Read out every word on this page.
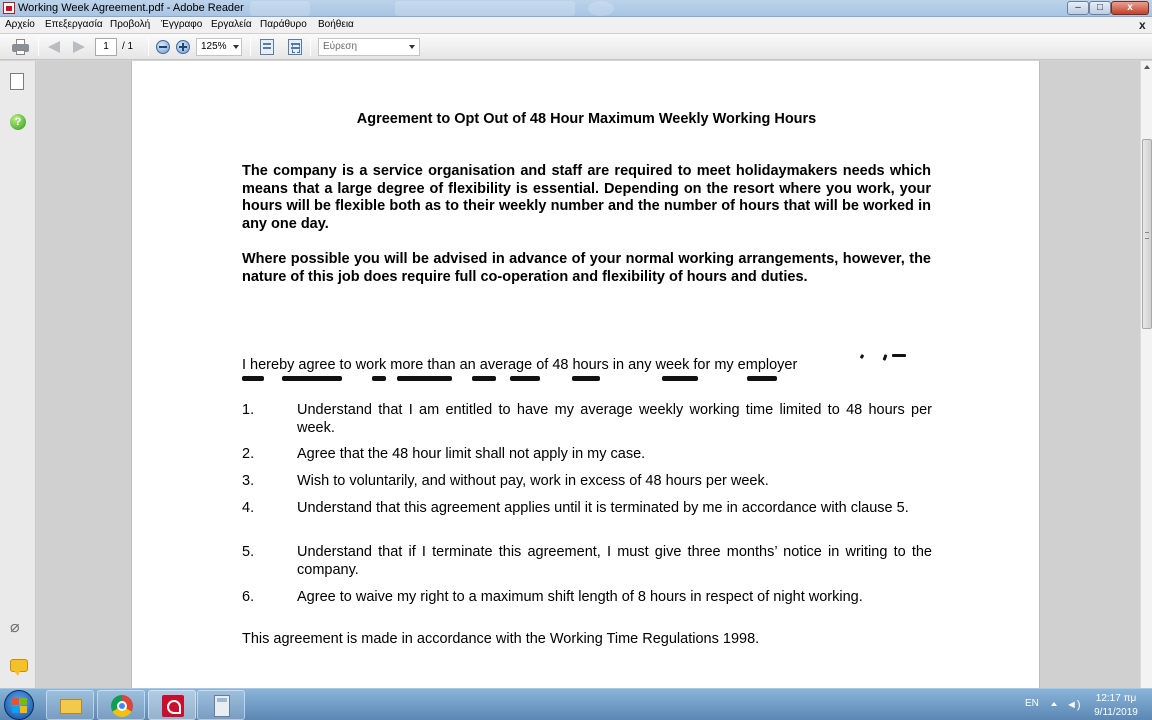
Working Week Agreement.pdf - Adobe Reader	–	□	x
Αρχείο Επεξεργασία Προβολή Έγγραφο Εργαλεία Παράθυρο Βοήθεια	x
1	/ 1	125%	Εύρεση
?
⌀
Agreement to Opt Out of 48 Hour Maximum Weekly Working Hours
The company is a service organisation and staff are required to meet holidaymakers needs which means that a large degree of flexibility is essential. Depending on the resort where you work, your hours will be flexible both as to their weekly number and the number of hours that will be worked in any one day.
Where possible you will be advised in advance of your normal working arrangements, however, the nature of this job does require full co-operation and flexibility of hours and duties.
I hereby agree to work more than an average of 48 hours in any week for my employer
1.	Understand that I am entitled to have my average weekly working time limited to 48 hours per week.
2.	Agree that the 48 hour limit shall not apply in my case.
3.	Wish to voluntarily, and without pay, work in excess of 48 hours per week.
4.	Understand that this agreement applies until it is terminated by me in accordance with clause 5.
5.	Understand that if I terminate this agreement, I must give three months’ notice in writing to the company.
6.	Agree to waive my right to a maximum shift length of 8 hours in respect of night working.
This agreement is made in accordance with the Working Time Regulations 1998.
EN ◄)
12:17 πμ
9/11/2019
